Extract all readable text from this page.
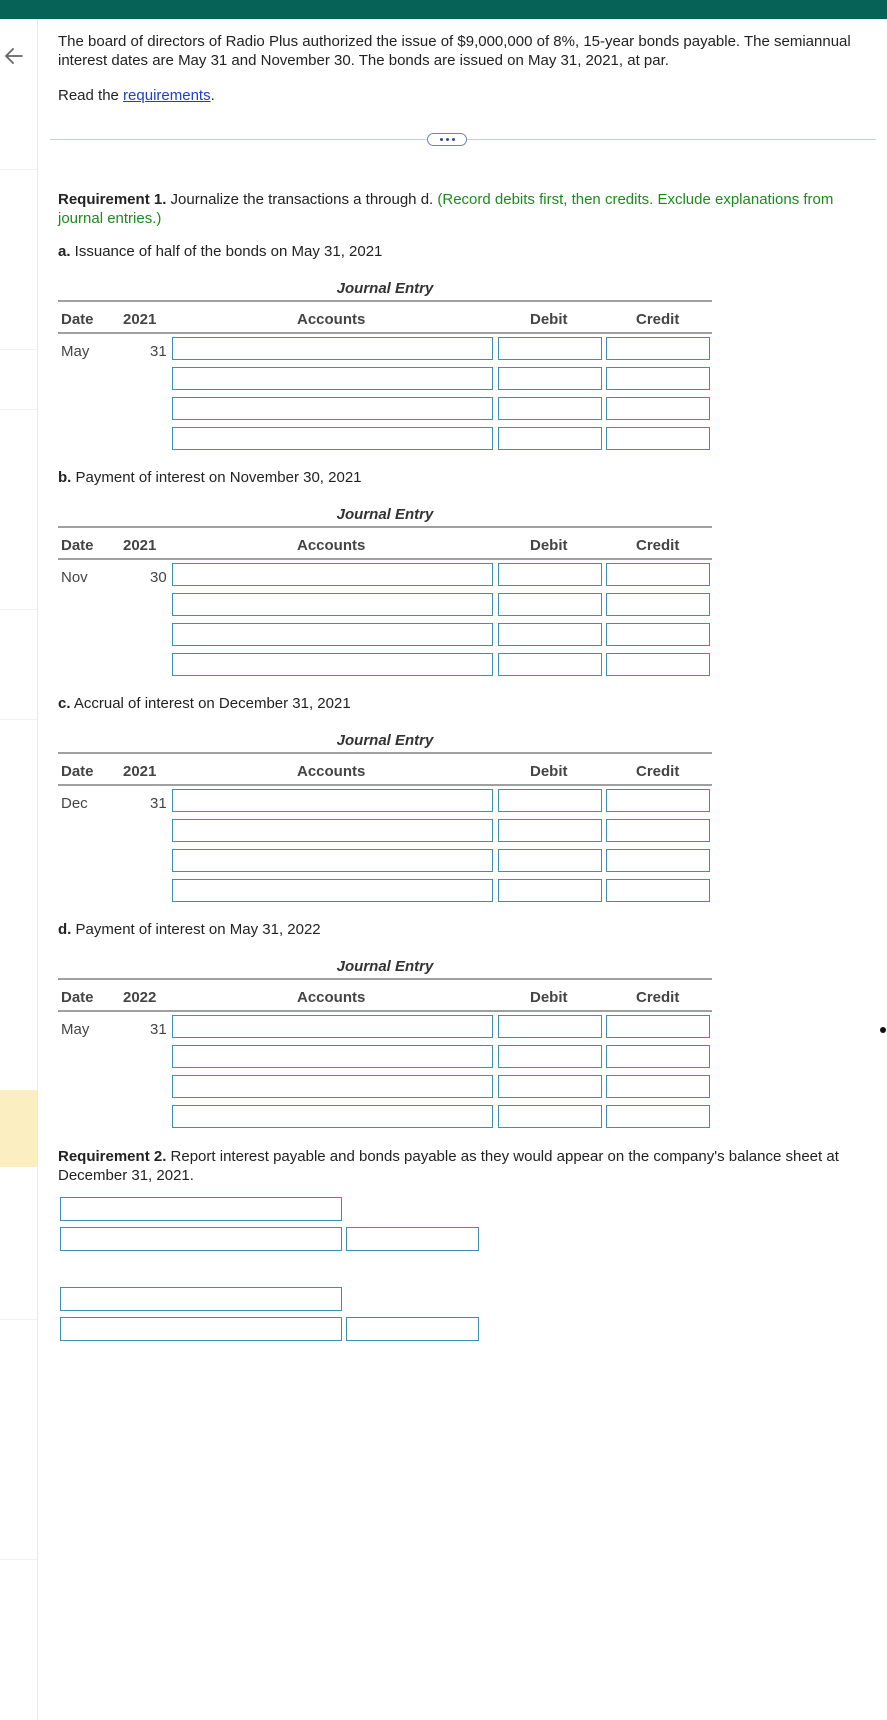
The board of directors of Radio Plus authorized the issue of $9,000,000 of 8%, 15-year bonds payable. The semiannual interest dates are May 31 and November 30. The bonds are issued on May 31, 2021, at par.
Read the requirements.
Requirement 1. Journalize the transactions a through d. (Record debits first, then credits. Exclude explanations from journal entries.)
a. Issuance of half of the bonds on May 31, 2021
Journal Entry
Date 2021	Accounts	Debit	Credit
May	31
b. Payment of interest on November 30, 2021
Journal Entry
Date 2021	Accounts	Debit	Credit
Nov	30
c. Accrual of interest on December 31, 2021
Journal Entry
Date 2021	Accounts	Debit	Credit
Dec	31
d. Payment of interest on May 31, 2022
Journal Entry
Date 2022	Accounts	Debit	Credit
May	31
Requirement 2. Report interest payable and bonds payable as they would appear on the company's balance sheet at December 31, 2021.
